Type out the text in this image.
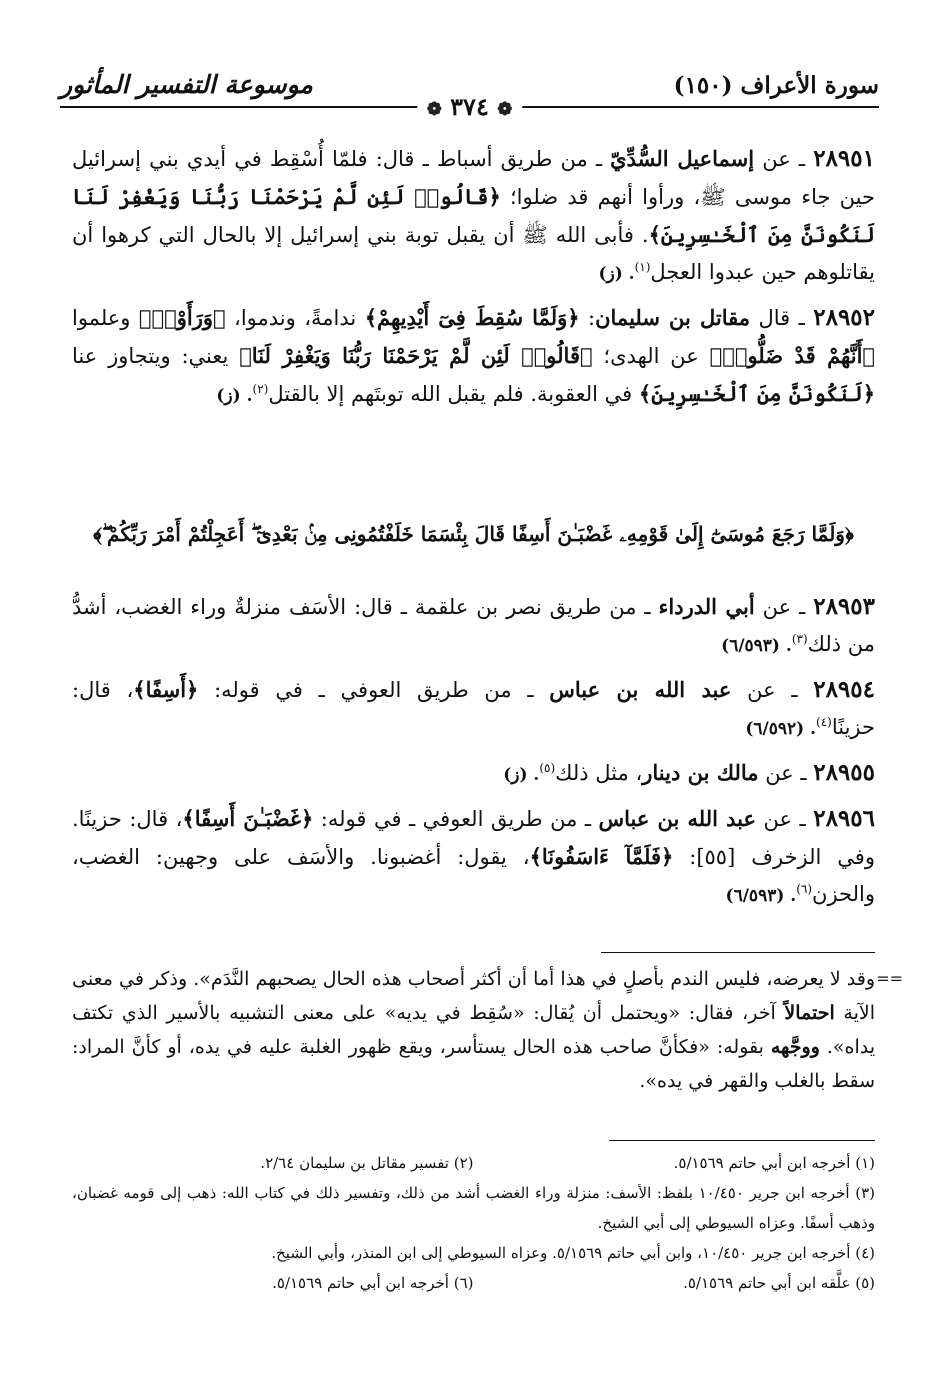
سورة الأعراف (١٥٠)
موسوعة التفسير المأثور
❁ ٣٧٤ ❁

٢٨٩٥١ ـ عن إسماعيل السُّدِّيّ ـ من طريق أسباط ـ قال: فلمّا أُسْقِط في أيدي بني إسرائيل حين جاء موسى ﷺ، ورأوا أنهم قد ضلوا؛ ﴿قَالُوا۟ لَئِن لَّمْ يَرْحَمْنَا رَبُّنَا وَيَغْفِرْ لَنَا لَنَكُونَنَّ مِنَ ٱلْخَـٰسِرِينَ﴾. فأبى الله ﷺ أن يقبل توبة بني إسرائيل إلا بالحال التي كرهوا أن يقاتلوهم حين عبدوا العجل$^{(١)}$. (ز)

٢٨٩٥٢ ـ قال مقاتل بن سليمان: ﴿وَلَمَّا سُقِطَ فِىٓ أَيْدِيهِمْ﴾ ندامةً، وندموا، ﴿وَرَأَوْا۟﴾ وعلموا ﴿أَنَّهُمْ قَدْ ضَلُّوا۟﴾ عن الهدى؛ ﴿قَالُوا۟ لَئِن لَّمْ يَرْحَمْنَا رَبُّنَا وَيَغْفِرْ لَنَا﴾ يعني: ويتجاوز عنا ﴿لَنَكُونَنَّ مِنَ ٱلْخَـٰسِرِينَ﴾ في العقوبة. فلم يقبل الله توبتَهم إلا بالقتل$^{(٢)}$. (ز)

﴿وَلَمَّا رَجَعَ مُوسَىٰٓ إِلَىٰ قَوْمِهِۦ غَضْبَـٰنَ أَسِفًا قَالَ بِئْسَمَا خَلَفْتُمُونِى مِنۢ بَعْدِىٓ ۖ أَعَجِلْتُمْ أَمْرَ رَبِّكُمْ ۖ﴾

٢٨٩٥٣ ـ عن أبي الدرداء ـ من طريق نصر بن علقمة ـ قال: الأسَف منزلةٌ وراء الغضب، أشدُّ من ذلك$^{(٣)}$. (٦/٥٩٣)

٢٨٩٥٤ ـ عن عبد الله بن عباس ـ من طريق العوفي ـ في قوله: ﴿أَسِفًا﴾، قال: حزينًا$^{(٤)}$. (٦/٥٩٢)

٢٨٩٥٥ ـ عن مالك بن دينار، مثل ذلك$^{(٥)}$. (ز)

٢٨٩٥٦ ـ عن عبد الله بن عباس ـ من طريق العوفي ـ في قوله: ﴿غَضْبَـٰنَ أَسِفًا﴾، قال: حزينًا. وفي الزخرف [٥٥]: ﴿فَلَمَّآ ءَاسَفُونَا﴾، يقول: أغضبونا. والأسَف على وجهين: الغضب، والحزن$^{(٦)}$. (٦/٥٩٣)

==
وقد لا يعرضه، فليس الندم بأصلٍ في هذا أما أن أكثر أصحاب هذه الحال يصحبهم النَّدَم». وذكر في معنى الآية احتمالاً آخر، فقال: «ويحتمل أن يُقال: «سُقِط في يديه» على معنى التشبيه بالأسير الذي تكتف يداه». ووجَّهه بقوله: «فكأنَّ صاحب هذه الحال يستأسر، ويقع ظهور الغلبة عليه في يده، أو كأنَّ المراد: سقط بالغلب والقهر في يده».
(١) أخرجه ابن أبي حاتم ٥/١٥٦٩.
(٢) تفسير مقاتل بن سليمان ٢/٦٤.
(٣) أخرجه ابن جرير ١٠/٤٥٠ بلفظ: الأسف: منزلة وراء الغضب أشد من ذلك، وتفسير ذلك في كتاب الله: ذهب إلى قومه غضبان، وذهب أسفًا. وعزاه السيوطي إلى أبي الشيخ.
(٤) أخرجه ابن جرير ١٠/٤٥٠، وابن أبي حاتم ٥/١٥٦٩. وعزاه السيوطي إلى ابن المنذر، وأبي الشيخ.
(٥) علَّقه ابن أبي حاتم ٥/١٥٦٩.
(٦) أخرجه ابن أبي حاتم ٥/١٥٦٩.
